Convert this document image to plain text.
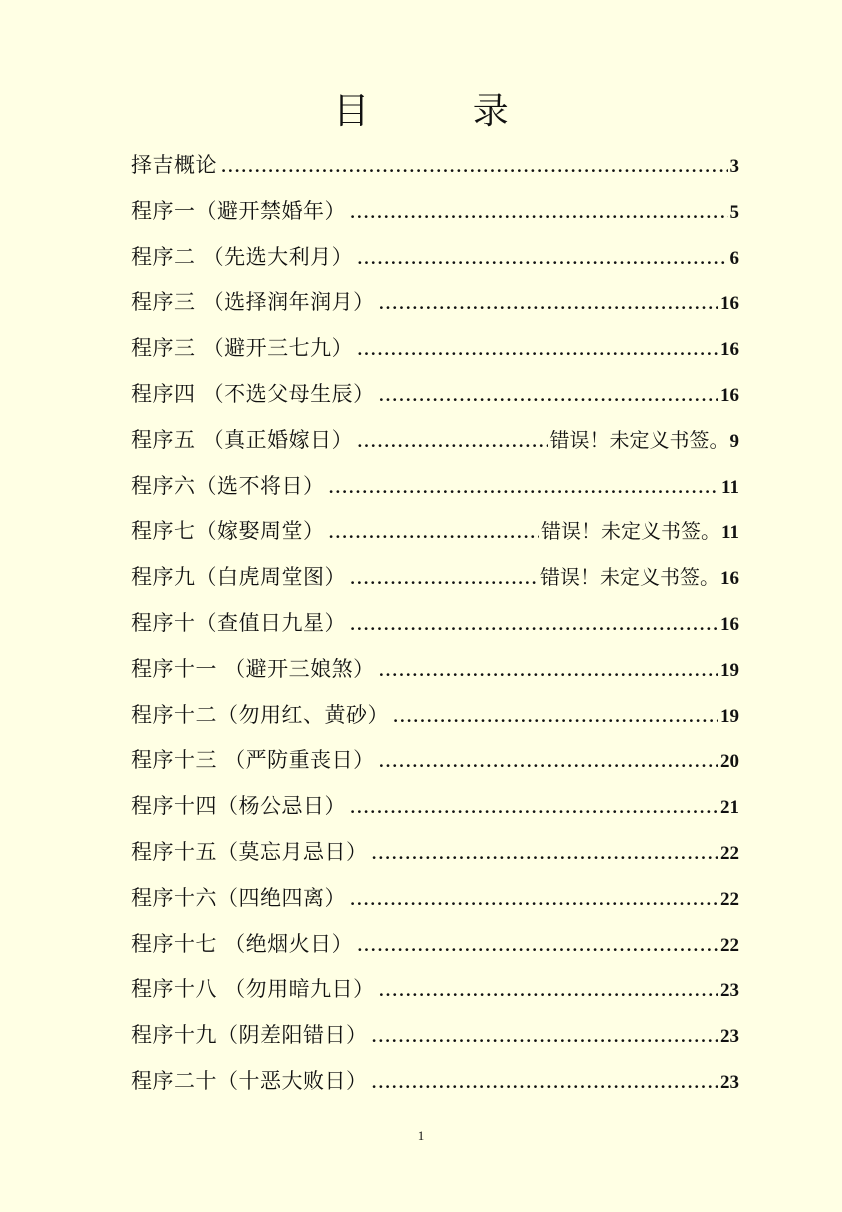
目 录
择吉概论 .....	3
程序一（避开禁婚年） .....	5
程序二 （先选大利月） .....	6
程序三 （选择润年润月） .....	16
程序三 （避开三七九） .....	16
程序四 （不选父母生辰） .....	16
程序五 （真正婚嫁日） .....	错误！未定义书签。 9
程序六（选不将日） .....	11
程序七（嫁娶周堂） .....	错误！未定义书签。 11
程序九（白虎周堂图） .....	错误！未定义书签。 16
程序十（查值日九星） .....	16
程序十一 （避开三娘煞） .....	19
程序十二（勿用红、黄砂） .....	19
程序十三 （严防重丧日） .....	20
程序十四（杨公忌日） .....	21
程序十五（莫忘月忌日） .....	22
程序十六（四绝四离） .....	22
程序十七 （绝烟火日） .....	22
程序十八 （勿用暗九日） .....	23
程序十九（阴差阳错日） .....	23
程序二十（十恶大败日） .....	23
1
